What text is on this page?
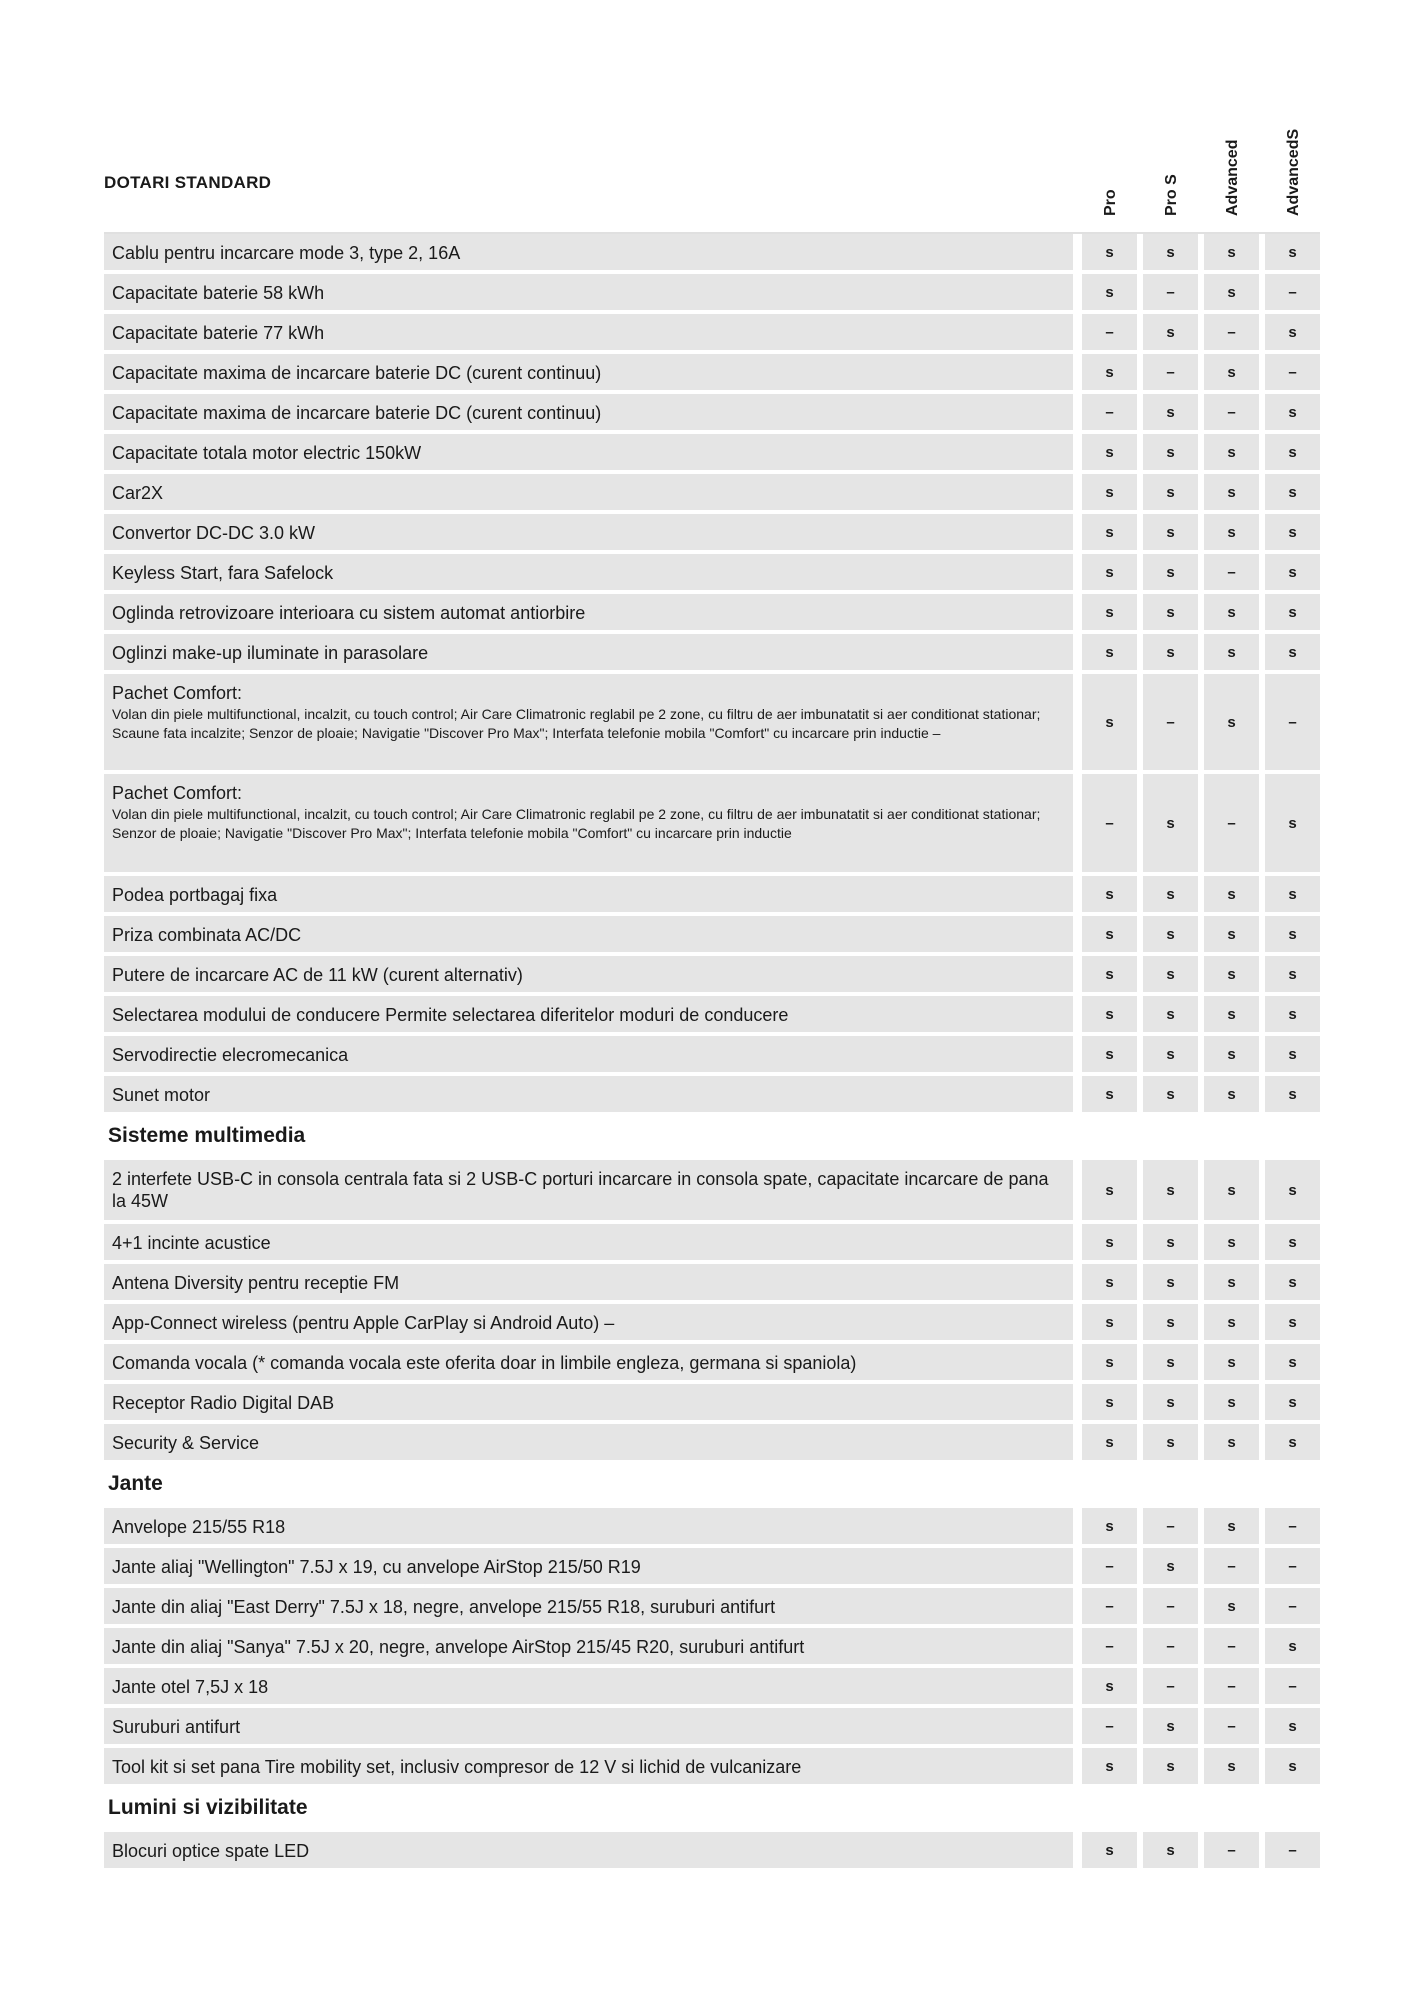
DOTARI STANDARD
Pro	Pro S	Advanced	AdvancedS
Cablu pentru incarcare mode 3, type 2, 16A	s	s	s	s
Capacitate baterie 58 kWh	s	–	s	–
Capacitate baterie 77 kWh	–	s	–	s
Capacitate maxima de incarcare baterie DC (curent continuu)	s	–	s	–
Capacitate maxima de incarcare baterie DC (curent continuu)	–	s	–	s
Capacitate totala motor electric 150kW	s	s	s	s
Car2X	s	s	s	s
Convertor DC-DC 3.0 kW	s	s	s	s
Keyless Start, fara Safelock	s	s	–	s
Oglinda retrovizoare interioara cu sistem automat antiorbire	s	s	s	s
Oglinzi make-up iluminate in parasolare	s	s	s	s
Pachet Comfort:
Volan din piele multifunctional, incalzit, cu touch control; Air Care Climatronic reglabil pe 2 zone, cu filtru de aer imbunatatit si aer conditionat stationar; Scaune fata incalzite; Senzor de ploaie; Navigatie "Discover Pro Max"; Interfata telefonie mobila "Comfort" cu incarcare prin inductie –
s	–	s	–
Pachet Comfort:
Volan din piele multifunctional, incalzit, cu touch control; Air Care Climatronic reglabil pe 2 zone, cu filtru de aer imbunatatit si aer conditionat stationar; Senzor de ploaie; Navigatie "Discover Pro Max"; Interfata telefonie mobila "Comfort" cu incarcare prin inductie
–	s	–	s
Podea portbagaj fixa	s	s	s	s
Priza combinata AC/DC	s	s	s	s
Putere de incarcare AC de 11 kW (curent alternativ)	s	s	s	s
Selectarea modului de conducere Permite selectarea diferitelor moduri de conducere	s	s	s	s
Servodirectie elecromecanica	s	s	s	s
Sunet motor	s	s	s	s
Sisteme multimedia
2 interfete USB-C in consola centrala fata si 2 USB-C porturi incarcare in consola spate, capacitate incarcare de pana la 45W
s	s	s	s
4+1 incinte acustice	s	s	s	s
Antena Diversity pentru receptie FM	s	s	s	s
App-Connect wireless (pentru Apple CarPlay si Android Auto) –	s	s	s	s
Comanda vocala (* comanda vocala este oferita doar in limbile engleza, germana si spaniola)	s	s	s	s
Receptor Radio Digital DAB	s	s	s	s
Security & Service	s	s	s	s
Jante
Anvelope 215/55 R18	s	–	s	–
Jante aliaj "Wellington" 7.5J x 19, cu anvelope AirStop 215/50 R19	–	s	–	–
Jante din aliaj "East Derry" 7.5J x 18, negre, anvelope 215/55 R18, suruburi antifurt	–	–	s	–
Jante din aliaj "Sanya" 7.5J x 20, negre, anvelope AirStop 215/45 R20, suruburi antifurt	–	–	–	s
Jante otel 7,5J x 18	s	–	–	–
Suruburi antifurt	–	s	–	s
Tool kit si set pana Tire mobility set, inclusiv compresor de 12 V si lichid de vulcanizare	s	s	s	s
Lumini si vizibilitate
Blocuri optice spate LED	s	s	–	–
